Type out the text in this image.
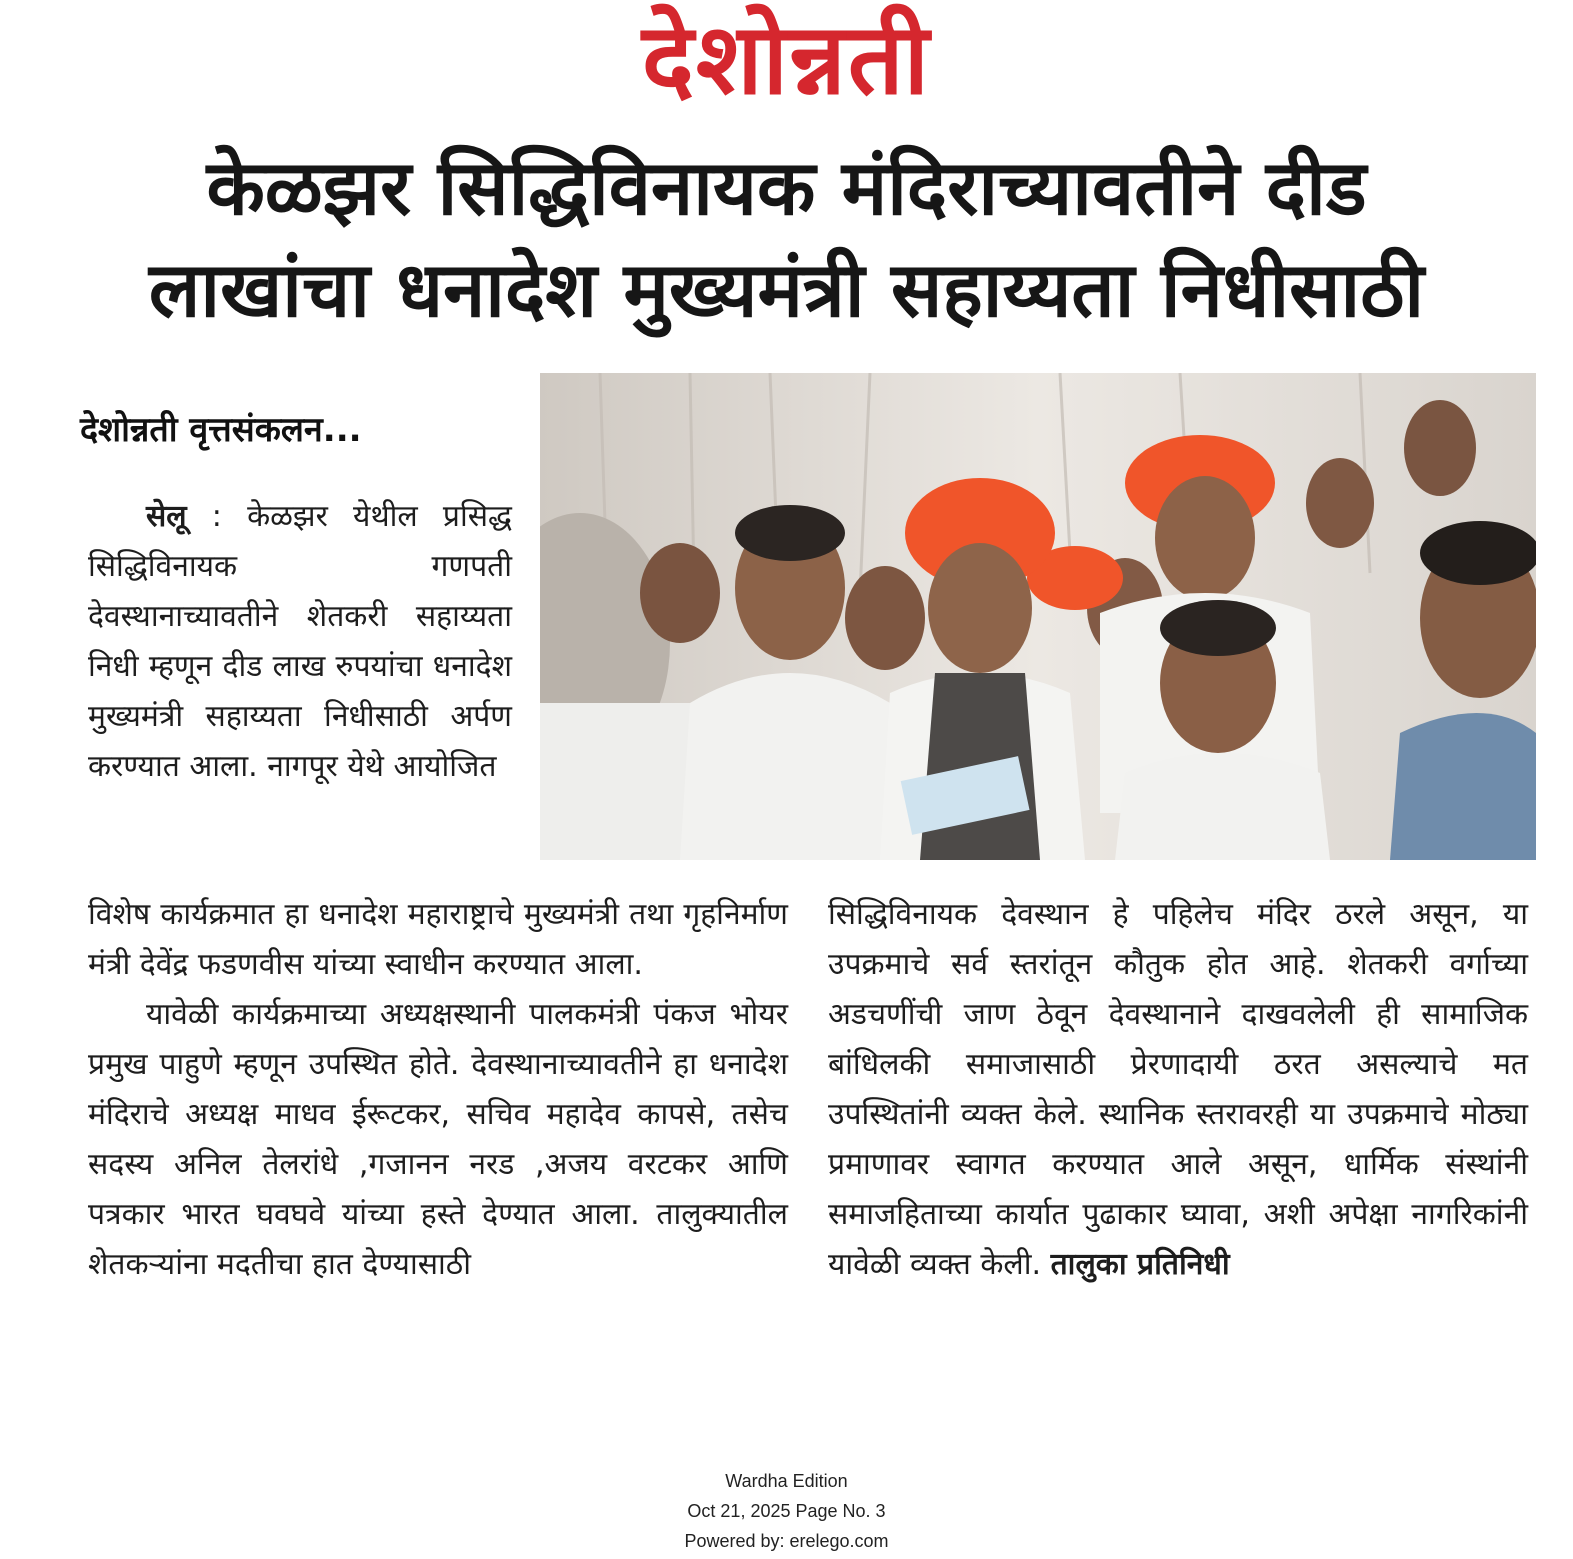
देशोन्नती
केळझर सिद्धिविनायक मंदिराच्यावतीने दीड
लाखांचा धनादेश मुख्यमंत्री सहाय्यता निधीसाठी
देशोन्नती वृत्तसंकलन...

सेलू : केळझर येथील प्रसिद्ध सिद्धिविनायक गणपती देवस्थानाच्यावतीने शेतकरी सहाय्यता निधी म्हणून दीड लाख रुपयांचा धनादेश मुख्यमंत्री सहाय्यता निधीसाठी अर्पण करण्यात आला. नागपूर येथे आयोजित

विशेष कार्यक्रमात हा धनादेश महाराष्ट्राचे मुख्यमंत्री तथा गृहनिर्माण मंत्री देवेंद्र फडणवीस यांच्या स्वाधीन करण्यात आला.

यावेळी कार्यक्रमाच्या अध्यक्षस्थानी पालकमंत्री पंकज भोयर प्रमुख पाहुणे म्हणून उपस्थित होते. देवस्थानाच्यावतीने हा धनादेश मंदिराचे अध्यक्ष माधव ईरूटकर, सचिव महादेव कापसे, तसेच सदस्य अनिल तेलरांधे ,गजानन नरड ,अजय वरटकर आणि पत्रकार भारत घवघवे यांच्या हस्ते देण्यात आला. तालुक्यातील शेतकऱ्यांना मदतीचा हात देण्यासाठी

सिद्धिविनायक देवस्थान हे पहिलेच मंदिर ठरले असून, या उपक्रमाचे सर्व स्तरांतून कौतुक होत आहे. शेतकरी वर्गाच्या अडचणींची जाण ठेवून देवस्थानाने दाखवलेली ही सामाजिक बांधिलकी समाजासाठी प्रेरणादायी ठरत असल्याचे मत उपस्थितांनी व्यक्त केले. स्थानिक स्तरावरही या उपक्रमाचे मोठ्या प्रमाणावर स्वागत करण्यात आले असून, धार्मिक संस्थांनी समाजहिताच्या कार्यात पुढाकार घ्यावा, अशी अपेक्षा नागरिकांनी यावेळी व्यक्त केली. तालुका प्रतिनिधी

Wardha Edition
Oct 21, 2025 Page No. 3
Powered by: erelego.com
